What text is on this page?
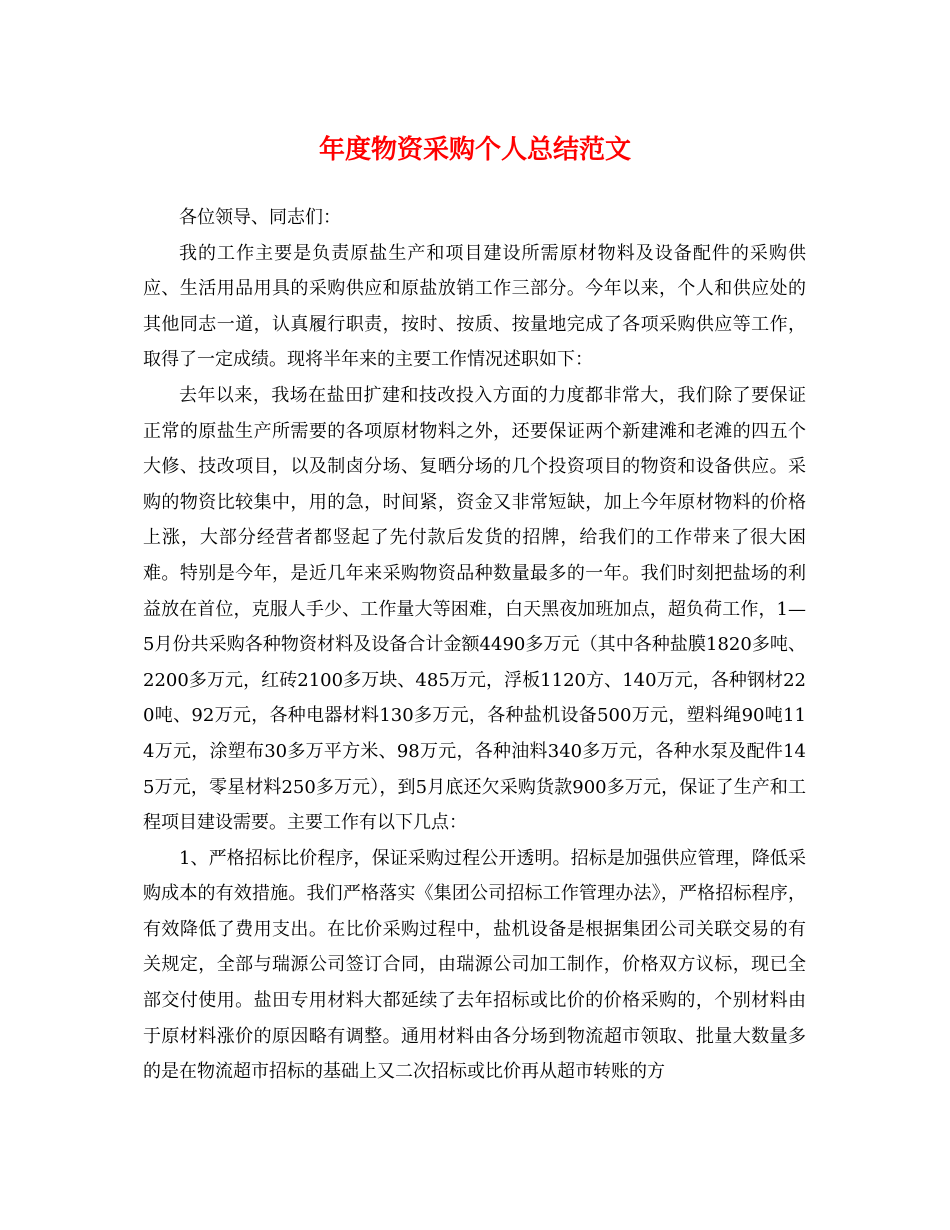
年度物资采购个人总结范文

各位领导、同志们：

我的工作主要是负责原盐生产和项目建设所需原材物料及设备配件的采购供应、生活用品用具的采购供应和原盐放销工作三部分。今年以来，个人和供应处的其他同志一道，认真履行职责，按时、按质、按量地完成了各项采购供应等工作，取得了一定成绩。现将半年来的主要工作情况述职如下：

去年以来，我场在盐田扩建和技改投入方面的力度都非常大，我们除了要保证正常的原盐生产所需要的各项原材物料之外，还要保证两个新建滩和老滩的四五个大修、技改项目，以及制卤分场、复晒分场的几个投资项目的物资和设备供应。采购的物资比较集中，用的急，时间紧，资金又非常短缺，加上今年原材物料的价格上涨，大部分经营者都竖起了先付款后发货的招牌，给我们的工作带来了很大困难。特别是今年，是近几年来采购物资品种数量最多的一年。我们时刻把盐场的利益放在首位，克服人手少、工作量大等困难，白天黑夜加班加点，超负荷工作，1—5月份共采购各种物资材料及设备合计金额4490多万元（其中各种盐膜1820多吨、2200多万元，红砖2100多万块、485万元，浮板1120方、140万元，各种钢材220吨、92万元，各种电器材料130多万元，各种盐机设备500万元，塑料绳90吨114万元，涂塑布30多万平方米、98万元，各种油料340多万元，各种水泵及配件145万元，零星材料250多万元），到5月底还欠采购货款900多万元，保证了生产和工程项目建设需要。主要工作有以下几点：

1、严格招标比价程序，保证采购过程公开透明。招标是加强供应管理，降低采购成本的有效措施。我们严格落实《集团公司招标工作管理办法》，严格招标程序，有效降低了费用支出。在比价采购过程中，盐机设备是根据集团公司关联交易的有关规定，全部与瑞源公司签订合同，由瑞源公司加工制作，价格双方议标，现已全部交付使用。盐田专用材料大都延续了去年招标或比价的价格采购的，个别材料由于原材料涨价的原因略有调整。通用材料由各分场到物流超市领取、批量大数量多的是在物流超市招标的基础上又二次招标或比价再从超市转账的方
